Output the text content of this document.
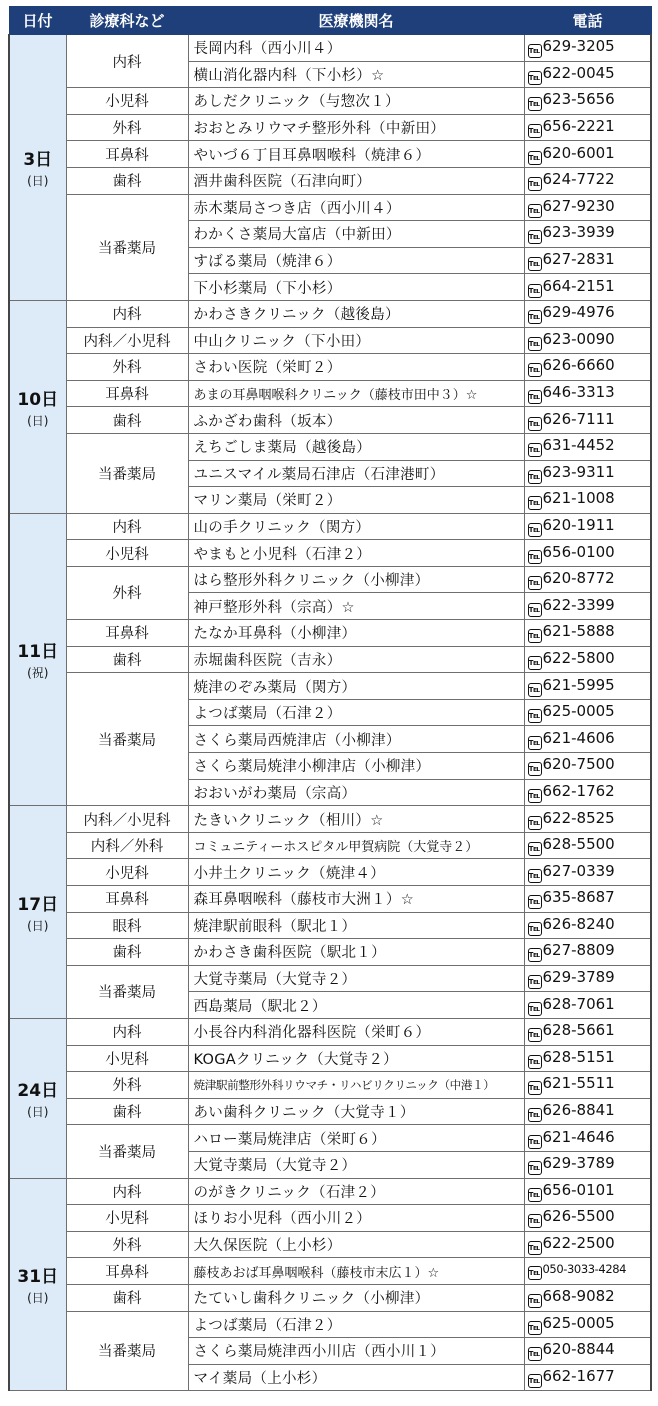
日付	診療科など	医療機関名	電話

3日
(日)	内科	長岡内科（西小川４）	℡ 629-3205
		横山消化器内科（下小杉）☆	℡ 622-0045
	小児科	あしだクリニック（与惣次１）	℡ 623-5656
	外科	おおとみリウマチ整形外科（中新田）	℡ 656-2221
	耳鼻科	やいづ６丁目耳鼻咽喉科（焼津６）	℡ 620-6001
	歯科	酒井歯科医院（石津向町）	℡ 624-7722
	当番薬局	赤木薬局さつき店（西小川４）	℡ 627-9230
		わかくさ薬局大富店（中新田）	℡ 623-3939
		すばる薬局（焼津６）	℡ 627-2831
		下小杉薬局（下小杉）	℡ 664-2151

10日
(日)	内科	かわさきクリニック（越後島）	℡ 629-4976
	内科／小児科	中山クリニック（下小田）	℡ 623-0090
	外科	さわい医院（栄町２）	℡ 626-6660
	耳鼻科	あまの耳鼻咽喉科クリニック（藤枝市田中３）☆	℡ 646-3313
	歯科	ふかざわ歯科（坂本）	℡ 626-7111
	当番薬局	えちごしま薬局（越後島）	℡ 631-4452
		ユニスマイル薬局石津店（石津港町）	℡ 623-9311
		マリン薬局（栄町２）	℡ 621-1008

11日
(祝)	内科	山の手クリニック（関方）	℡ 620-1911
	小児科	やまもと小児科（石津２）	℡ 656-0100
	外科	はら整形外科クリニック（小柳津）	℡ 620-8772
		神戸整形外科（宗高）☆	℡ 622-3399
	耳鼻科	たなか耳鼻科（小柳津）	℡ 621-5888
	歯科	赤堀歯科医院（吉永）	℡ 622-5800
	当番薬局	焼津のぞみ薬局（関方）	℡ 621-5995
		よつば薬局（石津２）	℡ 625-0005
		さくら薬局西焼津店（小柳津）	℡ 621-4606
		さくら薬局焼津小柳津店（小柳津）	℡ 620-7500
		おおいがわ薬局（宗高）	℡ 662-1762

17日
(日)	内科／小児科	たきいクリニック（相川）☆	℡ 622-8525
	内科／外科	コミュニティーホスピタル甲賀病院（大覚寺２）	℡ 628-5500
	小児科	小井土クリニック（焼津４）	℡ 627-0339
	耳鼻科	森耳鼻咽喉科（藤枝市大洲１）☆	℡ 635-8687
	眼科	焼津駅前眼科（駅北１）	℡ 626-8240
	歯科	かわさき歯科医院（駅北１）	℡ 627-8809
	当番薬局	大覚寺薬局（大覚寺２）	℡ 629-3789
		西島薬局（駅北２）	℡ 628-7061

24日
(日)	内科	小長谷内科消化器科医院（栄町６）	℡ 628-5661
	小児科	KOGAクリニック（大覚寺２）	℡ 628-5151
	外科	焼津駅前整形外科リウマチ・リハビリクリニック（中港１）	℡ 621-5511
	歯科	あい歯科クリニック（大覚寺１）	℡ 626-8841
	当番薬局	ハロー薬局焼津店（栄町６）	℡ 621-4646
		大覚寺薬局（大覚寺２）	℡ 629-3789

31日
(日)	内科	のがきクリニック（石津２）	℡ 656-0101
	小児科	ほりお小児科（西小川２）	℡ 626-5500
	外科	大久保医院（上小杉）	℡ 622-2500
	耳鼻科	藤枝あおば耳鼻咽喉科（藤枝市末広１）☆	℡ 050-3033-4284
	歯科	たていし歯科クリニック（小柳津）	℡ 668-9082
	当番薬局	よつば薬局（石津２）	℡ 625-0005
		さくら薬局焼津西小川店（西小川１）	℡ 620-8844
		マイ薬局（上小杉）	℡ 662-1677
